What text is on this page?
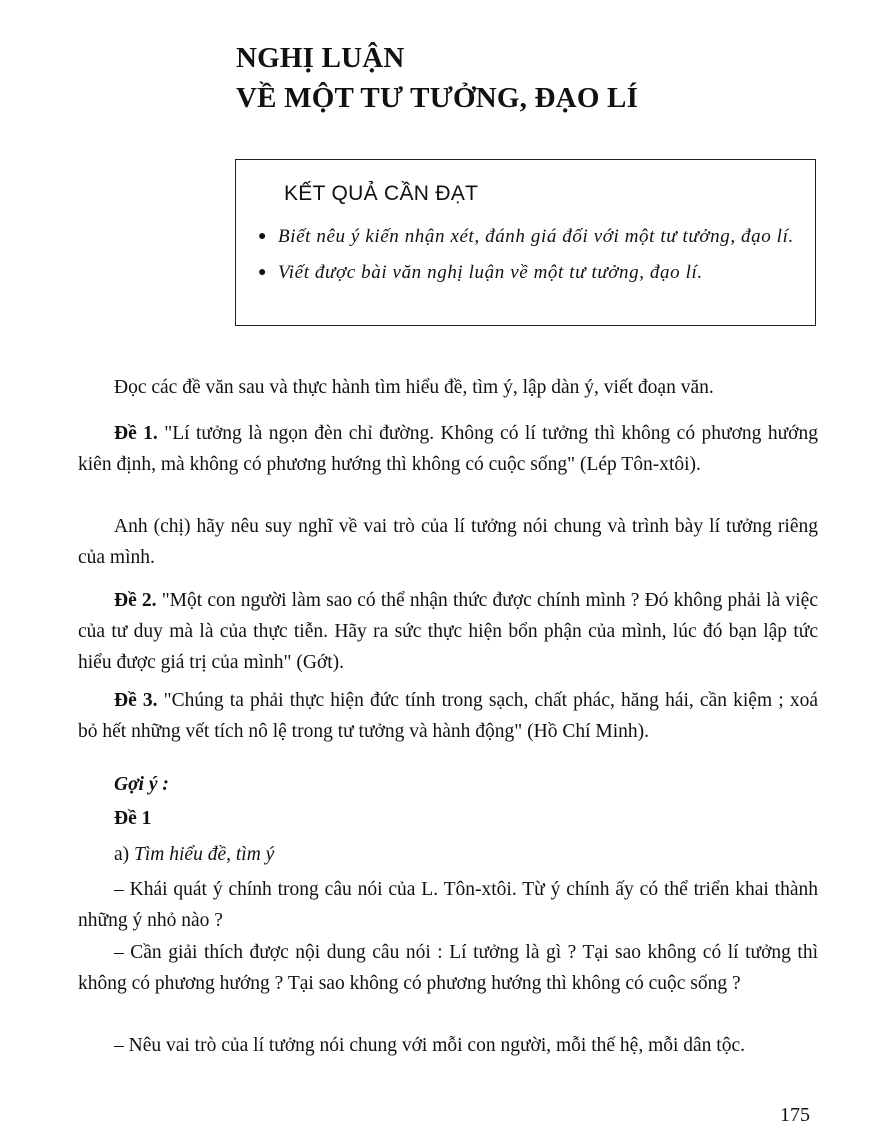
NGHỊ LUẬN
VỀ MỘT TƯ TƯỞNG, ĐẠO LÍ
KẾT QUẢ CẦN ĐẠT
● Biết nêu ý kiến nhận xét, đánh giá đối với một tư tưởng, đạo lí.
● Viết được bài văn nghị luận về một tư tưởng, đạo lí.

Đọc các đề văn sau và thực hành tìm hiểu đề, tìm ý, lập dàn ý, viết đoạn văn.

Đề 1. "Lí tưởng là ngọn đèn chỉ đường. Không có lí tưởng thì không có phương hướng kiên định, mà không có phương hướng thì không có cuộc sống" (Lép Tôn-xtôi).

Anh (chị) hãy nêu suy nghĩ về vai trò của lí tưởng nói chung và trình bày lí tưởng riêng của mình.

Đề 2. "Một con người làm sao có thể nhận thức được chính mình ? Đó không phải là việc của tư duy mà là của thực tiễn. Hãy ra sức thực hiện bổn phận của mình, lúc đó bạn lập tức hiểu được giá trị của mình" (Gớt).

Đề 3. "Chúng ta phải thực hiện đức tính trong sạch, chất phác, hăng hái, cần kiệm ; xoá bỏ hết những vết tích nô lệ trong tư tưởng và hành động" (Hồ Chí Minh).

Gợi ý :

Đề 1

a) Tìm hiểu đề, tìm ý

– Khái quát ý chính trong câu nói của L. Tôn-xtôi. Từ ý chính ấy có thể triển khai thành những ý nhỏ nào ?

– Cần giải thích được nội dung câu nói : Lí tưởng là gì ? Tại sao không có lí tưởng thì không có phương hướng ? Tại sao không có phương hướng thì không có cuộc sống ?

– Nêu vai trò của lí tưởng nói chung với mỗi con người, mỗi thế hệ, mỗi dân tộc.

175
